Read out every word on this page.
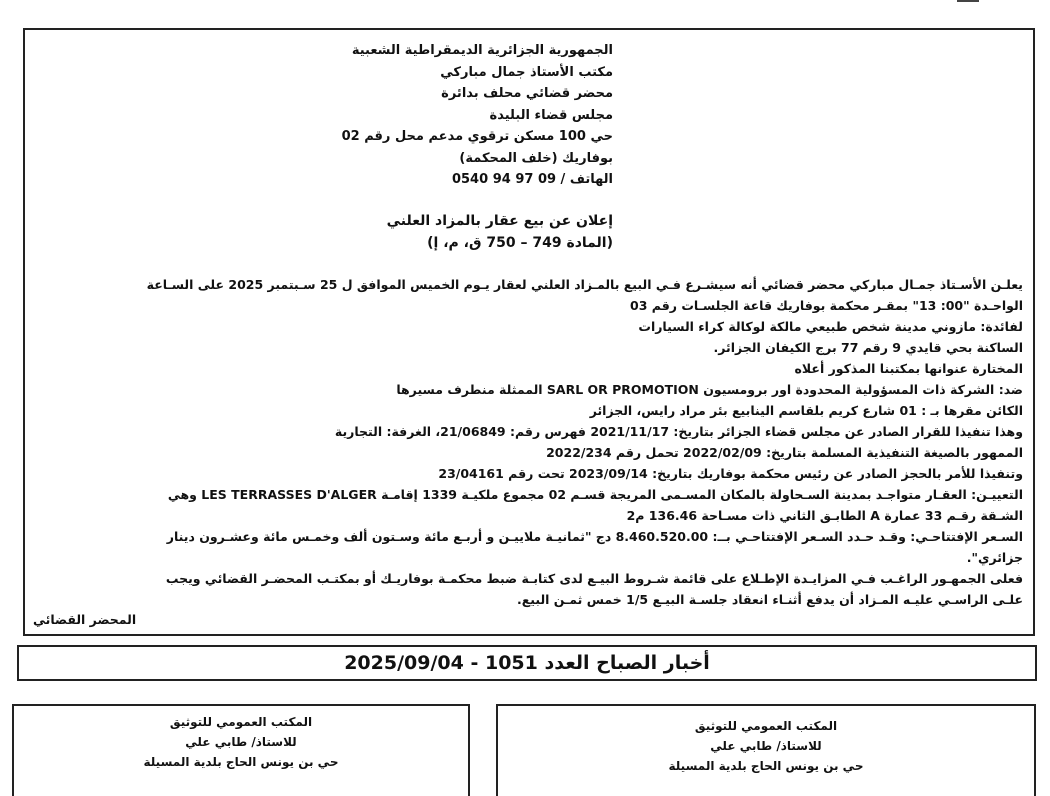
الجمهورية الجزائرية الديمقراطية الشعبية
مكتب الأستاذ جمال مباركي
محضر قضائي محلف بدائرة
مجلس قضاء البليدة
حي 100 مسكن ترقوي مدعم محل رقم 02
بوفاريك (خلف المحكمة)
الهاتف / 09 97 94 0540
إعلان عن بيع عقار بالمزاد العلني
(المادة 749 – 750 ق، م، إ)
يعلـن الأسـتاذ جمـال مباركي محضر قضائي أنه سيشـرع فـي البيع بالمـزاد العلني لعقار يـوم الخميس الموافق ل 25 سـبتمبر 2025 على السـاعة
الواحـدة "00: 13" بمقـر محكمة بوفاريك قاعة الجلسـات رقم 03
لفائدة: مازوني مدينة شخص طبيعي مالكة لوكالة كراء السيارات
الساكنة بحي قايدي 9 رقم 77 برج الكيفان الجزائر.
المختارة عنوانها بمكتبنا المذكور أعلاه
ضد: الشركة ذات المسؤولية المحدودة اور برومسيون SARL OR PROMOTION الممثلة منطرف مسيرها
الكائن مقرها بـ : 01 شارع كريم بلقاسم الينابيع بئر مراد رايس، الجزائر
وهذا تنفيذا للقرار الصادر عن مجلس قضاء الجزائر بتاريخ: 2021/11/17 فهرس رقم: 21/06849، الغرفة: التجارية
الممهور بالصيغة التنفيذية المسلمة بتاريخ: 2022/02/09 تحمل رقم 2022/234
وتنفيذا للأمر بالحجز الصادر عن رئيس محكمة بوفاريك بتاريخ: 2023/09/14 تحت رقم 23/04161
التعييـن: العقـار متواجـد بمدينة السـحاولة بالمكان المسـمى المريجة قسـم 02 مجموع ملكيـة 1339 إقامـة LES TERRASSES D'ALGER وهي
الشـقة رقـم 33 عمارة A الطابـق الثاني ذات مسـاحة 136.46 م2
السـعر الإفتتاحـي: وقـد حـدد السـعر الإفتتاحـي بــ: 8.460.520.00 دج "ثمانيـة ملاييـن و أربـع مائة وسـتون ألف وخمـس مائة وعشـرون دينار
جزائري".
فعلى الجمهـور الراغـب فـي المزايـدة الإطـلاع على قائمة شـروط البيـع لدى كتابـة ضبط محكمـة بوفاريـك أو بمكتـب المحضـر القضائي ويجب
علـى الراسـي عليـه المـزاد أن يدفع أثنـاء انعقاد جلسـة البيـع 1/5 خمس ثمـن البيع.
المحضر القضائي
أخبار الصباح العدد 1051 - 2025/09/04
المكتب العمومي للتوثيق
للاستاذ/ طابي علي
حي بن يونس الحاج بلدية المسيلة
المكتب العمومي للتوثيق
للاستاذ/ طابي علي
حي بن يونس الحاج بلدية المسيلة
